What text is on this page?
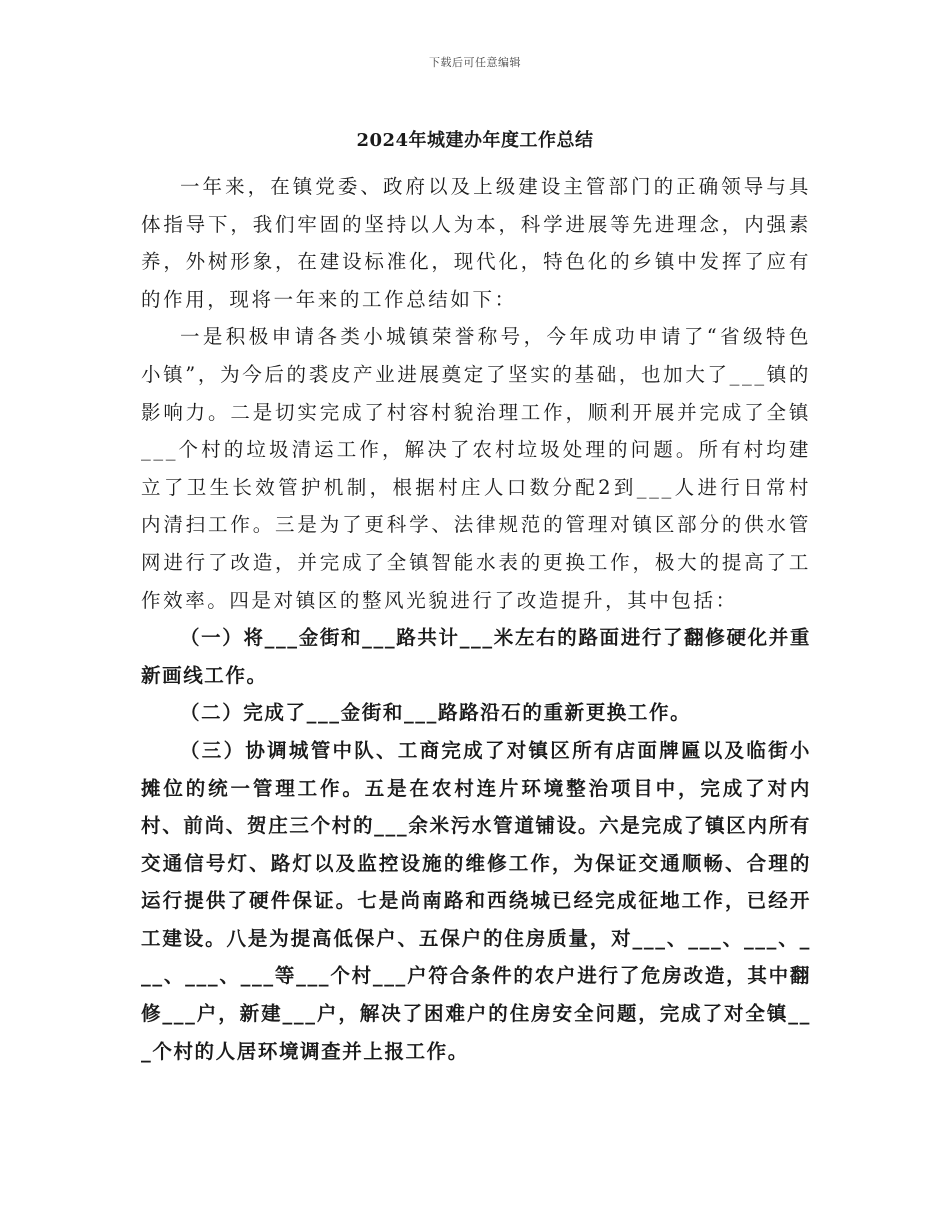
下载后可任意编辑
2024年城建办年度工作总结

一年来，在镇党委、政府以及上级建设主管部门的正确领导与具体指导下，我们牢固的坚持以人为本，科学进展等先进理念，内强素养，外树形象，在建设标准化，现代化，特色化的乡镇中发挥了应有的作用，现将一年来的工作总结如下：

一是积极申请各类小城镇荣誉称号，今年成功申请了“省级特色小镇”，为今后的裘皮产业进展奠定了坚实的基础，也加大了___镇的影响力。二是切实完成了村容村貌治理工作，顺利开展并完成了全镇___个村的垃圾清运工作，解决了农村垃圾处理的问题。所有村均建立了卫生长效管护机制，根据村庄人口数分配2到___人进行日常村内清扫工作。三是为了更科学、法律规范的管理对镇区部分的供水管网进行了改造，并完成了全镇智能水表的更换工作，极大的提高了工作效率。四是对镇区的整风光貌进行了改造提升，其中包括：

（一）将___金街和___路共计___米左右的路面进行了翻修硬化并重新画线工作。

（二）完成了___金街和___路路沿石的重新更换工作。

（三）协调城管中队、工商完成了对镇区所有店面牌匾以及临街小摊位的统一管理工作。五是在农村连片环境整治项目中，完成了对内村、前尚、贺庄三个村的___余米污水管道铺设。六是完成了镇区内所有交通信号灯、路灯以及监控设施的维修工作，为保证交通顺畅、合理的运行提供了硬件保证。七是尚南路和西绕城已经完成征地工作，已经开工建设。八是为提高低保户、五保户的住房质量，对___、___、___、___、___、___等___个村___户符合条件的农户进行了危房改造，其中翻修___户，新建___户，解决了困难户的住房安全问题，完成了对全镇___个村的人居环境调查并上报工作。
